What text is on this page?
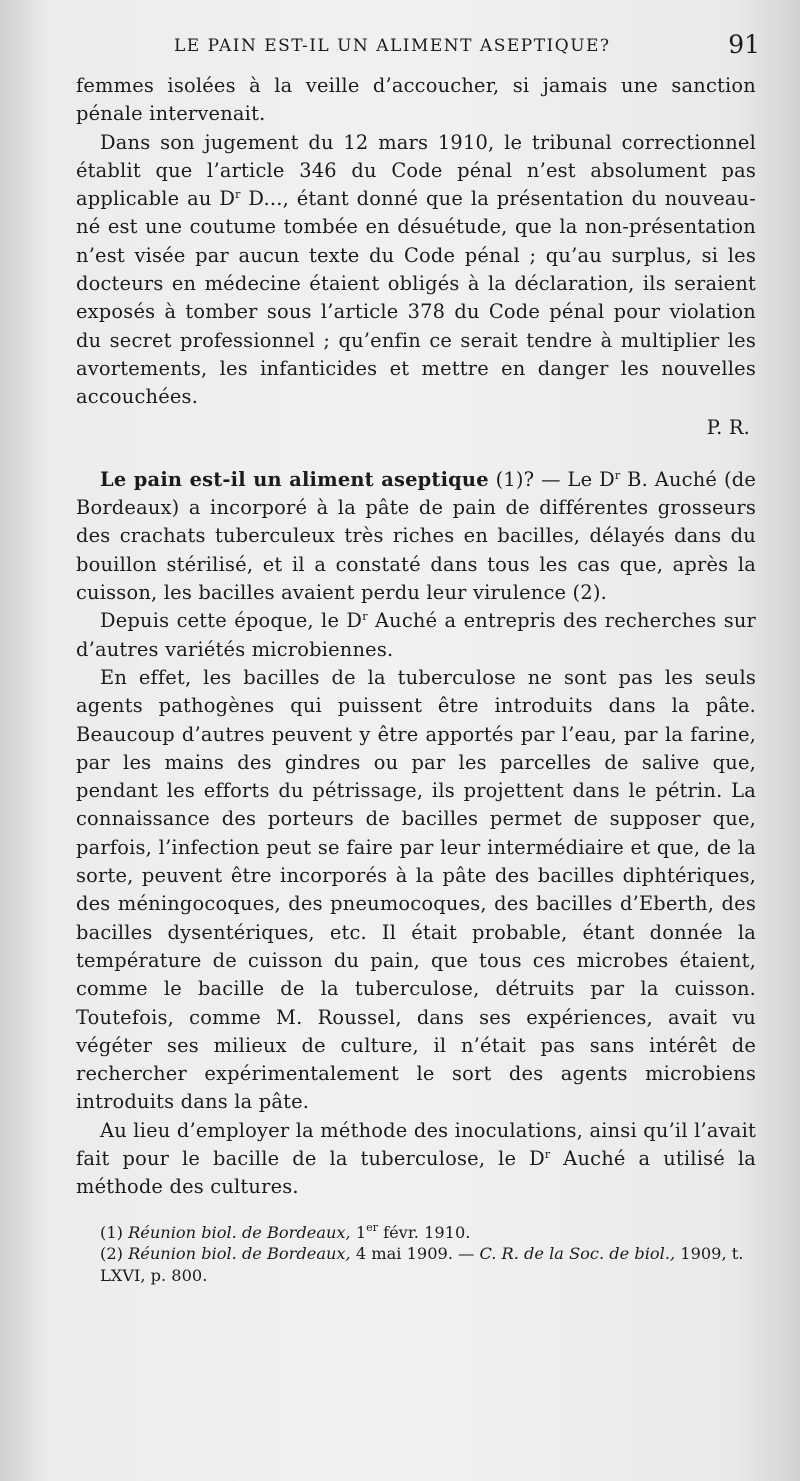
LE PAIN EST-IL UN ALIMENT ASEPTIQUE?	91

femmes isolées à la veille d’accoucher, si jamais une sanction pénale intervenait.

Dans son jugement du 12 mars 1910, le tribunal correctionnel établit que l’article 346 du Code pénal n’est absolument pas applicable au $D^r$ D..., étant donné que la présentation du nouveau-né est une coutume tombée en désuétude, que la non-présentation n’est visée par aucun texte du Code pénal ; qu’au surplus, si les docteurs en médecine étaient obligés à la déclaration, ils seraient exposés à tomber sous l’article 378 du Code pénal pour violation du secret professionnel ; qu’enfin ce serait tendre à multiplier les avortements, les infanticides et mettre en danger les nouvelles accouchées.

P. R.

Le pain est-il un aliment aseptique (1)? — Le $D^r$ B. Auché (de Bordeaux) a incorporé à la pâte de pain de différentes grosseurs des crachats tuberculeux très riches en bacilles, délayés dans du bouillon stérilisé, et il a constaté dans tous les cas que, après la cuisson, les bacilles avaient perdu leur virulence (2).

Depuis cette époque, le $D^r$ Auché a entrepris des recherches sur d’autres variétés microbiennes.

En effet, les bacilles de la tuberculose ne sont pas les seuls agents pathogènes qui puissent être introduits dans la pâte. Beaucoup d’autres peuvent y être apportés par l’eau, par la farine, par les mains des gindres ou par les parcelles de salive que, pendant les efforts du pétrissage, ils projettent dans le pétrin. La connaissance des porteurs de bacilles permet de supposer que, parfois, l’infection peut se faire par leur intermédiaire et que, de la sorte, peuvent être incorporés à la pâte des bacilles diphtériques, des méningocoques, des pneumocoques, des bacilles d’Eberth, des bacilles dysentériques, etc. Il était probable, étant donnée la température de cuisson du pain, que tous ces microbes étaient, comme le bacille de la tuberculose, détruits par la cuisson. Toutefois, comme M. Roussel, dans ses expériences, avait vu végéter ses milieux de culture, il n’était pas sans intérêt de rechercher expérimentalement le sort des agents microbiens introduits dans la pâte.

Au lieu d’employer la méthode des inoculations, ainsi qu’il l’avait fait pour le bacille de la tuberculose, le $D^r$ Auché a utilisé la méthode des cultures.

(1) Réunion biol. de Bordeaux, 1er févr. 1910.

(2) Réunion biol. de Bordeaux, 4 mai 1909. — C. R. de la Soc. de biol., 1909, t. LXVI, p. 800.
